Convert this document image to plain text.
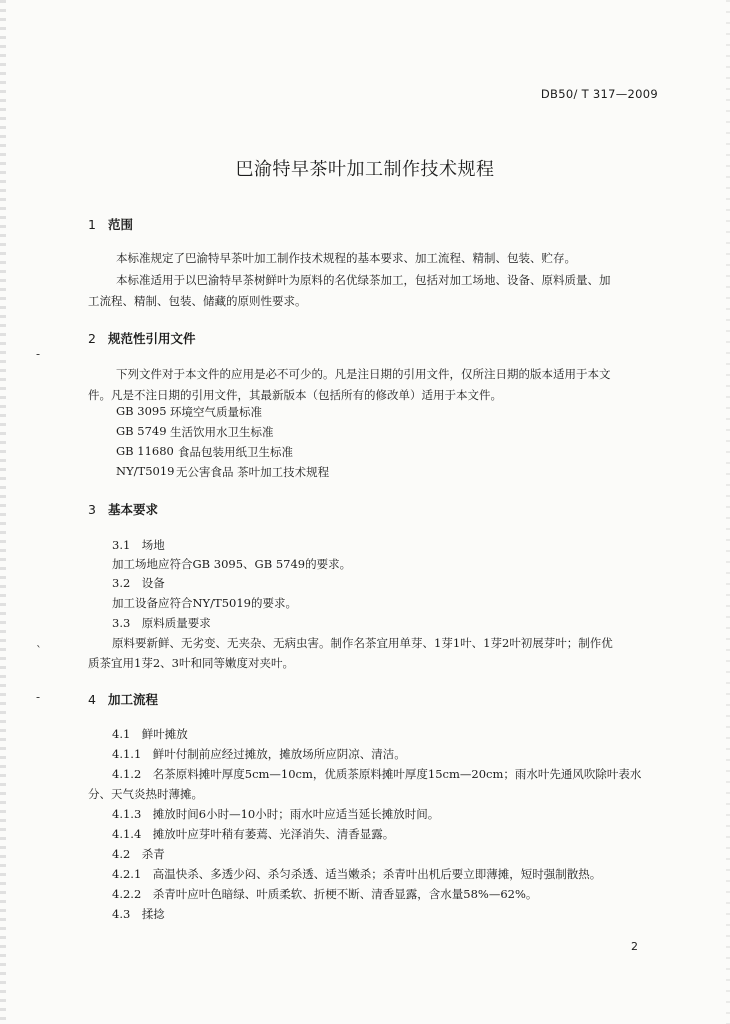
-
`
-
DB50/ T 317—2009
巴渝特早茶叶加工制作技术规程
1 范围
本标准规定了巴渝特早茶叶加工制作技术规程的基本要求、加工流程、精制、包装、贮存。
本标准适用于以巴渝特早茶树鲜叶为原料的名优绿茶加工，包括对加工场地、设备、原料质量、加
工流程、精制、包装、储藏的原则性要求。
2 规范性引用文件
下列文件对于本文件的应用是必不可少的。凡是注日期的引用文件，仅所注日期的版本适用于本文
件。凡是不注日期的引用文件，其最新版本（包括所有的修改单）适用于本文件。
GB 3095 环境空气质量标准
GB 5749 生活饮用水卫生标准
GB 11680 食品包装用纸卫生标准
NY/T5019 无公害食品 茶叶加工技术规程
3 基本要求
3.1　场地
加工场地应符合GB 3095、GB 5749的要求。
3.2　设备
加工设备应符合NY/T5019的要求。
3.3　原料质量要求
原料要新鲜、无劣变、无夹杂、无病虫害。制作名茶宜用单芽、1芽1叶、1芽2叶初展芽叶；制作优
质茶宜用1芽2、3叶和同等嫩度对夹叶。
4 加工流程
4.1　鲜叶摊放
4.1.1　鲜叶付制前应经过摊放，摊放场所应阴凉、清洁。
4.1.2　名茶原料摊叶厚度5cm—10cm，优质茶原料摊叶厚度15cm—20cm；雨水叶先通风吹除叶表水
分、天气炎热时薄摊。
4.1.3　摊放时间6小时—10小时；雨水叶应适当延长摊放时间。
4.1.4　摊放叶应芽叶稍有萎蔫、光泽消失、清香显露。
4.2　杀青
4.2.1　高温快杀、多透少闷、杀匀杀透、适当嫩杀；杀青叶出机后要立即薄摊，短时强制散热。
4.2.2　杀青叶应叶色暗绿、叶质柔软、折梗不断、清香显露，含水量58%—62%。
4.3　揉捻
2
